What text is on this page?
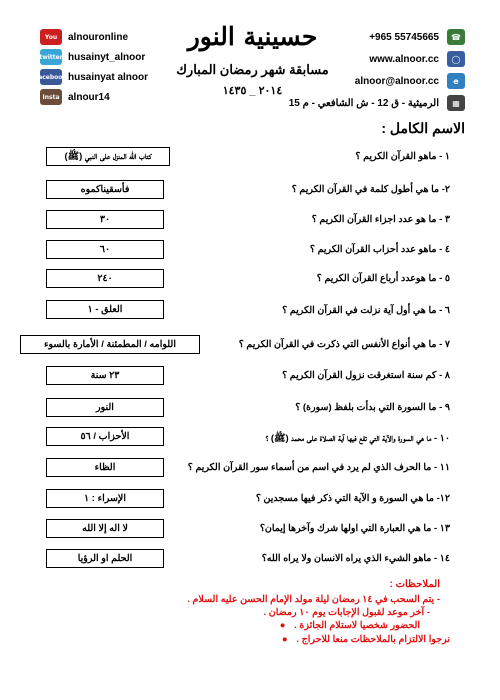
You	alnouronline
twitter husainyt_alnoor
facebook husainyat alnoor
Insta alnour14
حسينية النور
مسابقة شهر رمضان المبارك
٢٠١٤ _ ١٤٣٥
☎
+965 55745665
◯
www.alnoor.cc
e
alnoor@alnoor.cc
▦
الرميثية - ق 12 - ش الشافعي - م 15
الاسم الكامل :
١ - ماهو القرآن الكريم ؟
كتاب الله المنزل على النبي (ﷺ)
٢- ما هي أطول كلمة في القرآن الكريم ؟
فأسقيناكموه
٣ - ما هو عدد اجزاء القرآن الكريم ؟
٣٠
٤ - ماهو عدد أحزاب القرآن الكريم ؟
٦٠
٥ - ما هوعدد أرباع القرآن الكريم ؟
٢٤٠
٦ - ما هي أول آية نزلت في القرآن الكريم ؟
العلق - ١
٧ - ما هي أنواع الأنفس التي ذكرت في القرآن الكريم ؟
اللوامه / المطمئنة / الأمارة بالسوء
٨ - كم سنة استغرقت نزول القرآن الكريم ؟
٢٣ سنة
٩ - ما السورة التي بدأت بلفظ (سورة) ؟
النور
١٠ - ما هي السورة والآية التي تقع فيها آية الصلاة على محمد (ﷺ) ؟
الأحزاب / ٥٦
١١ - ما الحرف الذي لم يرد في اسم من أسماء سور القرآن الكريم ؟
الظاء
١٢- ما هي السورة و الآية التي ذكر فيها مسجدين ؟
الإسراء : ١
١٣ - ما هي العبارة التي اولها شرك وآخرها إيمان؟
لا اله إلا الله
١٤ - ماهو الشيء الذي يراه الانسان ولا يراه الله؟
الحلم او الرؤيا
الملاحظات :
- يتم السحب في ١٤ رمضان ليلة مولد الإمام الحسن عليه السلام .
- آخر موعد لقبول الإجابات يوم ١٠ رمضان .
الحضور شخصيا لاستلام الجائزة . ●
نرجوا الالتزام بالملاحظات منعا للاحراج . ●
